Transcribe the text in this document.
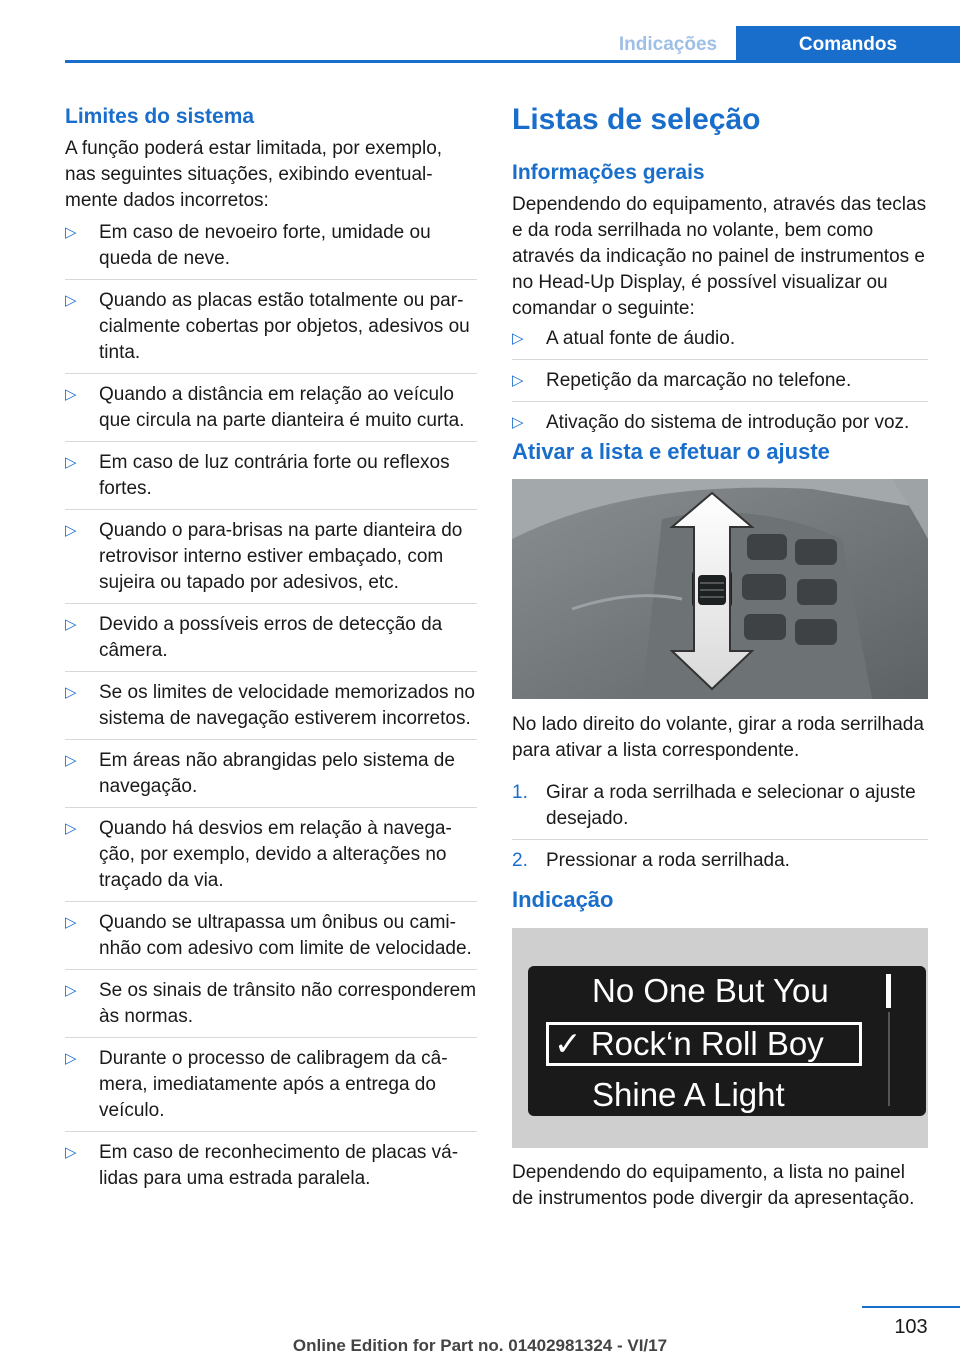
Indicações	Comandos
Limites do sistema

A função poderá estar limitada, por exemplo, nas seguintes situações, exibindo eventualmente dados incorretos:

▷ Em caso de nevoeiro forte, umidade ou queda de neve.
▷ Quando as placas estão totalmente ou parcialmente cobertas por objetos, adesivos ou tinta.
▷ Quando a distância em relação ao veículo que circula na parte dianteira é muito curta.
▷ Em caso de luz contrária forte ou reflexos fortes.
▷ Quando o para-brisas na parte dianteira do retrovisor interno estiver embaçado, com sujeira ou tapado por adesivos, etc.
▷ Devido a possíveis erros de detecção da câmera.
▷ Se os limites de velocidade memorizados no sistema de navegação estiverem incorretos.
▷ Em áreas não abrangidas pelo sistema de navegação.
▷ Quando há desvios em relação à navegação, por exemplo, devido a alterações no traçado da via.
▷ Quando se ultrapassa um ônibus ou caminhão com adesivo com limite de velocidade.
▷ Se os sinais de trânsito não corresponderem às normas.
▷ Durante o processo de calibragem da câmera, imediatamente após a entrega do veículo.
▷ Em caso de reconhecimento de placas válidas para uma estrada paralela.
Listas de seleção
Informações gerais

Dependendo do equipamento, através das teclas e da roda serrilhada no volante, bem como através da indicação no painel de instrumentos e no Head-Up Display, é possível visualizar ou comandar o seguinte:

▷ A atual fonte de áudio.
▷ Repetição da marcação no telefone.
▷ Ativação do sistema de introdução por voz.
Ativar a lista e efetuar o ajuste

No lado direito do volante, girar a roda serrilhada para ativar a lista correspondente.

1. Girar a roda serrilhada e selecionar o ajuste desejado.
2. Pressionar a roda serrilhada.
Indicação
No One But You
✓ Rock‘n Roll Boy
Shine A Light

Dependendo do equipamento, a lista no painel de instrumentos pode divergir da apresentação.

103
Online Edition for Part no. 01402981324 - VI/17
